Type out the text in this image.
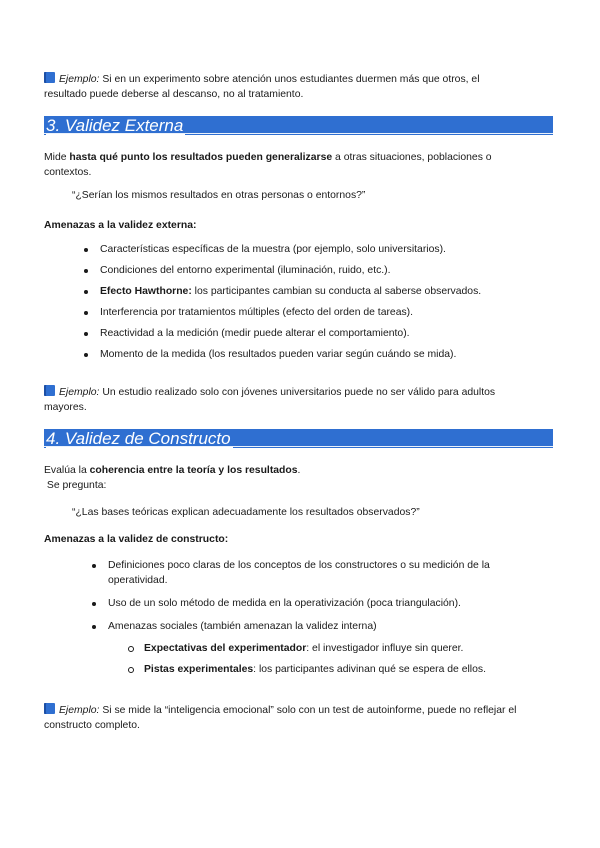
Ejemplo: Si en un experimento sobre atención unos estudiantes duermen más que otros, el
resultado puede deberse al descanso, no al tratamiento.
3. Validez Externa
Mide hasta qué punto los resultados pueden generalizarse a otras situaciones, poblaciones o
contextos.
“¿Serían los mismos resultados en otras personas o entornos?”
Amenazas a la validez externa:
Características específicas de la muestra (por ejemplo, solo universitarios).
Condiciones del entorno experimental (iluminación, ruido, etc.).
Efecto Hawthorne: los participantes cambian su conducta al saberse observados.
Interferencia por tratamientos múltiples (efecto del orden de tareas).
Reactividad a la medición (medir puede alterar el comportamiento).
Momento de la medida (los resultados pueden variar según cuándo se mida).
Ejemplo: Un estudio realizado solo con jóvenes universitarios puede no ser válido para adultos
mayores.
4. Validez de Constructo
Evalúa la coherencia entre la teoría y los resultados.
Se pregunta:
“¿Las bases teóricas explican adecuadamente los resultados observados?”
Amenazas a la validez de constructo:
Definiciones poco claras de los conceptos de los constructores o su medición de la
operatividad.
Uso de un solo método de medida en la operativización (poca triangulación).
Amenazas sociales (también amenazan la validez interna)
Expectativas del experimentador: el investigador influye sin querer.
Pistas experimentales: los participantes adivinan qué se espera de ellos.
Ejemplo: Si se mide la “inteligencia emocional” solo con un test de autoinforme, puede no reflejar el
constructo completo.
